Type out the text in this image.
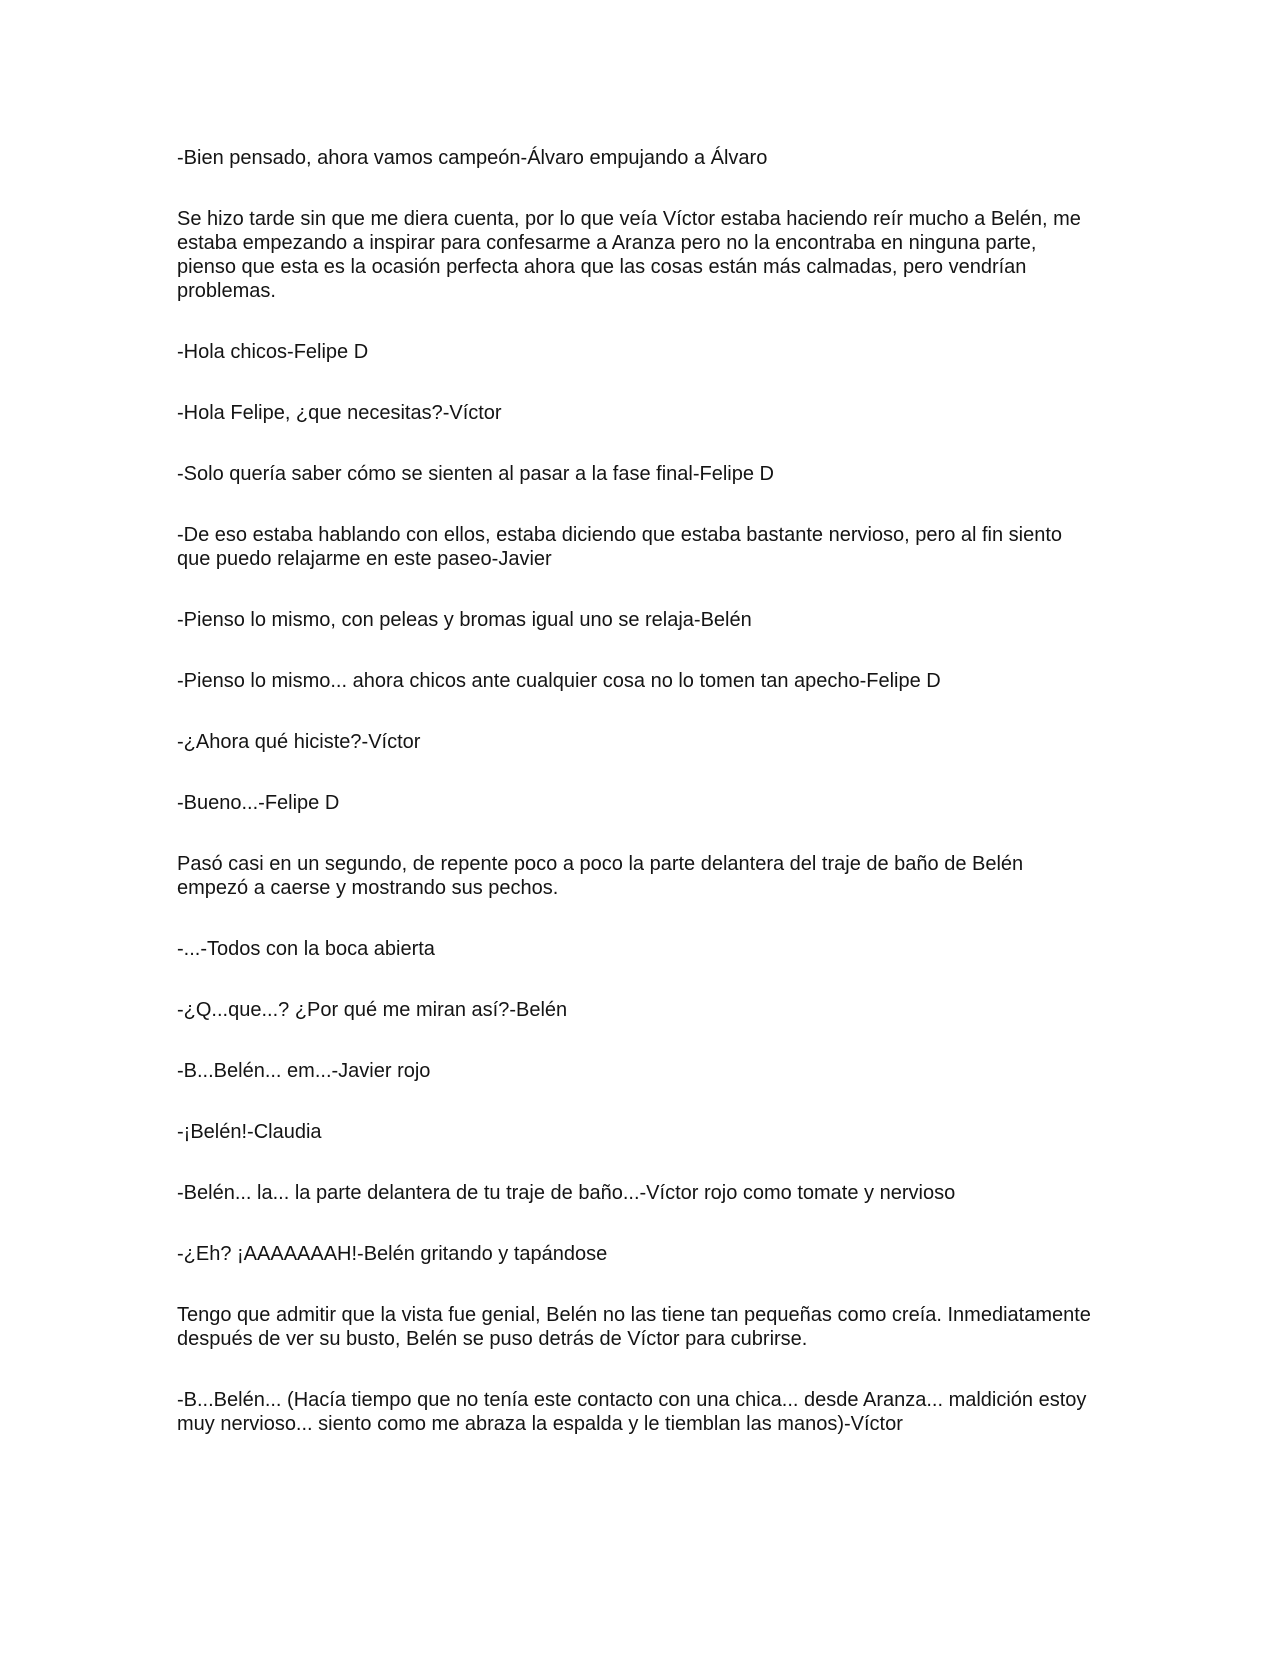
-Bien pensado, ahora vamos campeón-Álvaro empujando a Álvaro

Se hizo tarde sin que me diera cuenta, por lo que veía Víctor estaba haciendo reír mucho a Belén, me estaba empezando a inspirar para confesarme a Aranza pero no la encontraba en ninguna parte, pienso que esta es la ocasión perfecta ahora que las cosas están más calmadas, pero vendrían problemas.

-Hola chicos-Felipe D

-Hola Felipe, ¿que necesitas?-Víctor

-Solo quería saber cómo se sienten al pasar a la fase final-Felipe D

-De eso estaba hablando con ellos, estaba diciendo que estaba bastante nervioso, pero al fin siento que puedo relajarme en este paseo-Javier

-Pienso lo mismo, con peleas y bromas igual uno se relaja-Belén

-Pienso lo mismo... ahora chicos ante cualquier cosa no lo tomen tan apecho-Felipe D

-¿Ahora qué hiciste?-Víctor

-Bueno...-Felipe D

Pasó casi en un segundo, de repente poco a poco la parte delantera del traje de baño de Belén empezó a caerse y mostrando sus pechos.

-...-Todos con la boca abierta

-¿Q...que...? ¿Por qué me miran así?-Belén

-B...Belén... em...-Javier rojo

-¡Belén!-Claudia

-Belén... la... la parte delantera de tu traje de baño...-Víctor rojo como tomate y nervioso

-¿Eh? ¡AAAAAAAH!-Belén gritando y tapándose

Tengo que admitir que la vista fue genial, Belén no las tiene tan pequeñas como creía. Inmediatamente después de ver su busto, Belén se puso detrás de Víctor para cubrirse.

-B...Belén... (Hacía tiempo que no tenía este contacto con una chica... desde Aranza... maldición estoy muy nervioso... siento como me abraza la espalda y le tiemblan las manos)-Víctor
